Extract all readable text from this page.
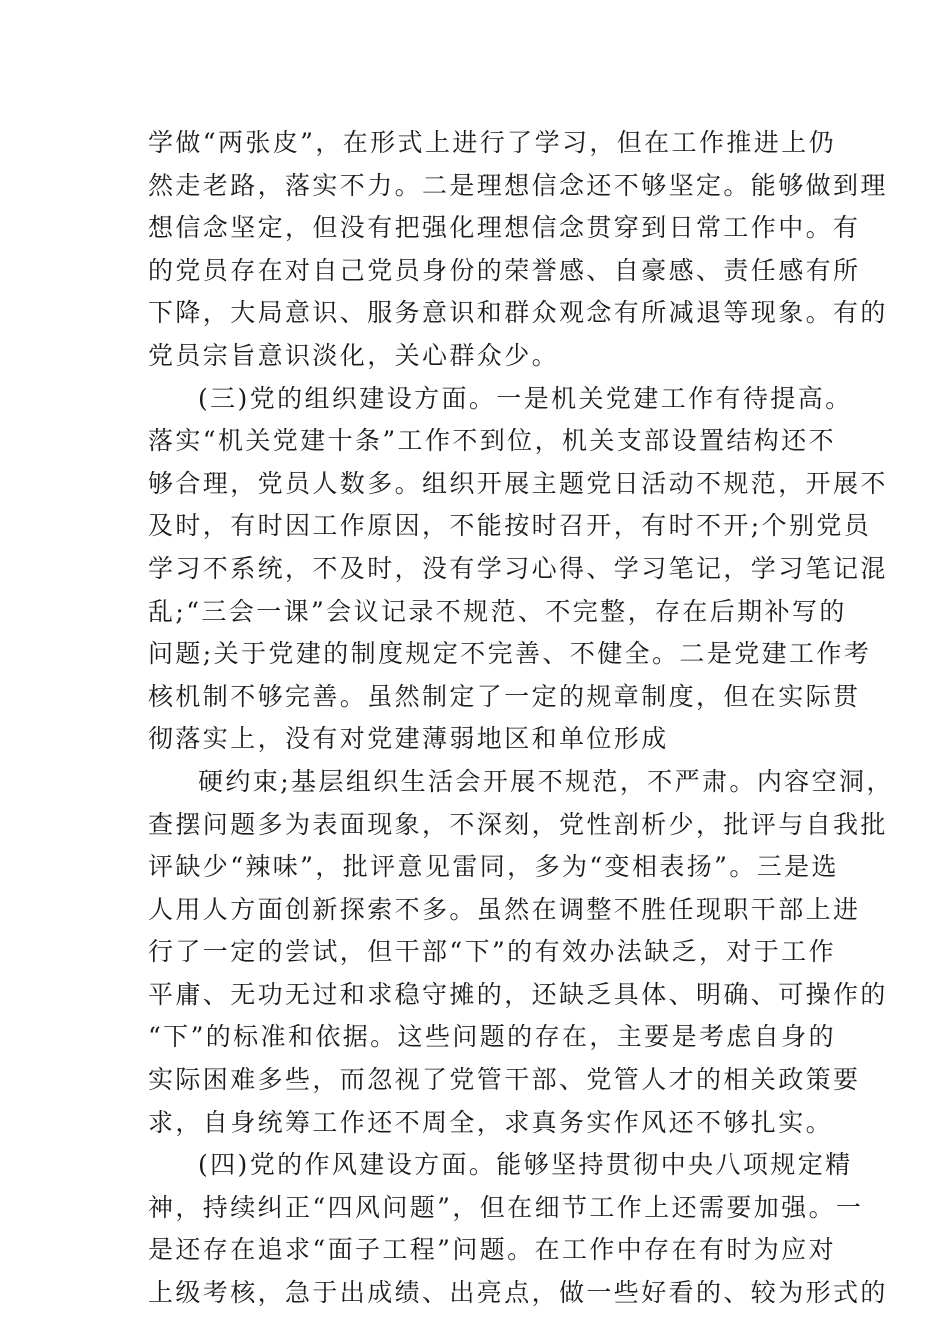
学做“两张皮”，在形式上进行了学习，但在工作推进上仍
然走老路，落实不力。二是理想信念还不够坚定。能够做到理
想信念坚定，但没有把强化理想信念贯穿到日常工作中。有
的党员存在对自己党员身份的荣誉感、自豪感、责任感有所
下降，大局意识、服务意识和群众观念有所减退等现象。有的
党员宗旨意识淡化，关心群众少。
(三)党的组织建设方面。一是机关党建工作有待提高。
落实“机关党建十条”工作不到位，机关支部设置结构还不
够合理，党员人数多。组织开展主题党日活动不规范，开展不
及时，有时因工作原因，不能按时召开，有时不开;个别党员
学习不系统，不及时，没有学习心得、学习笔记，学习笔记混
乱;“三会一课”会议记录不规范、不完整，存在后期补写的
问题;关于党建的制度规定不完善、不健全。二是党建工作考
核机制不够完善。虽然制定了一定的规章制度，但在实际贯
彻落实上，没有对党建薄弱地区和单位形成
硬约束;基层组织生活会开展不规范，不严肃。内容空洞，
查摆问题多为表面现象，不深刻，党性剖析少，批评与自我批
评缺少“辣味”，批评意见雷同，多为“变相表扬”。三是选
人用人方面创新探索不多。虽然在调整不胜任现职干部上进
行了一定的尝试，但干部“下”的有效办法缺乏，对于工作
平庸、无功无过和求稳守摊的，还缺乏具体、明确、可操作的
“下”的标准和依据。这些问题的存在，主要是考虑自身的
实际困难多些，而忽视了党管干部、党管人才的相关政策要
求，自身统筹工作还不周全，求真务实作风还不够扎实。
(四)党的作风建设方面。能够坚持贯彻中央八项规定精
神，持续纠正“四风问题”，但在细节工作上还需要加强。一
是还存在追求“面子工程”问题。在工作中存在有时为应对
上级考核，急于出成绩、出亮点，做一些好看的、较为形式的
